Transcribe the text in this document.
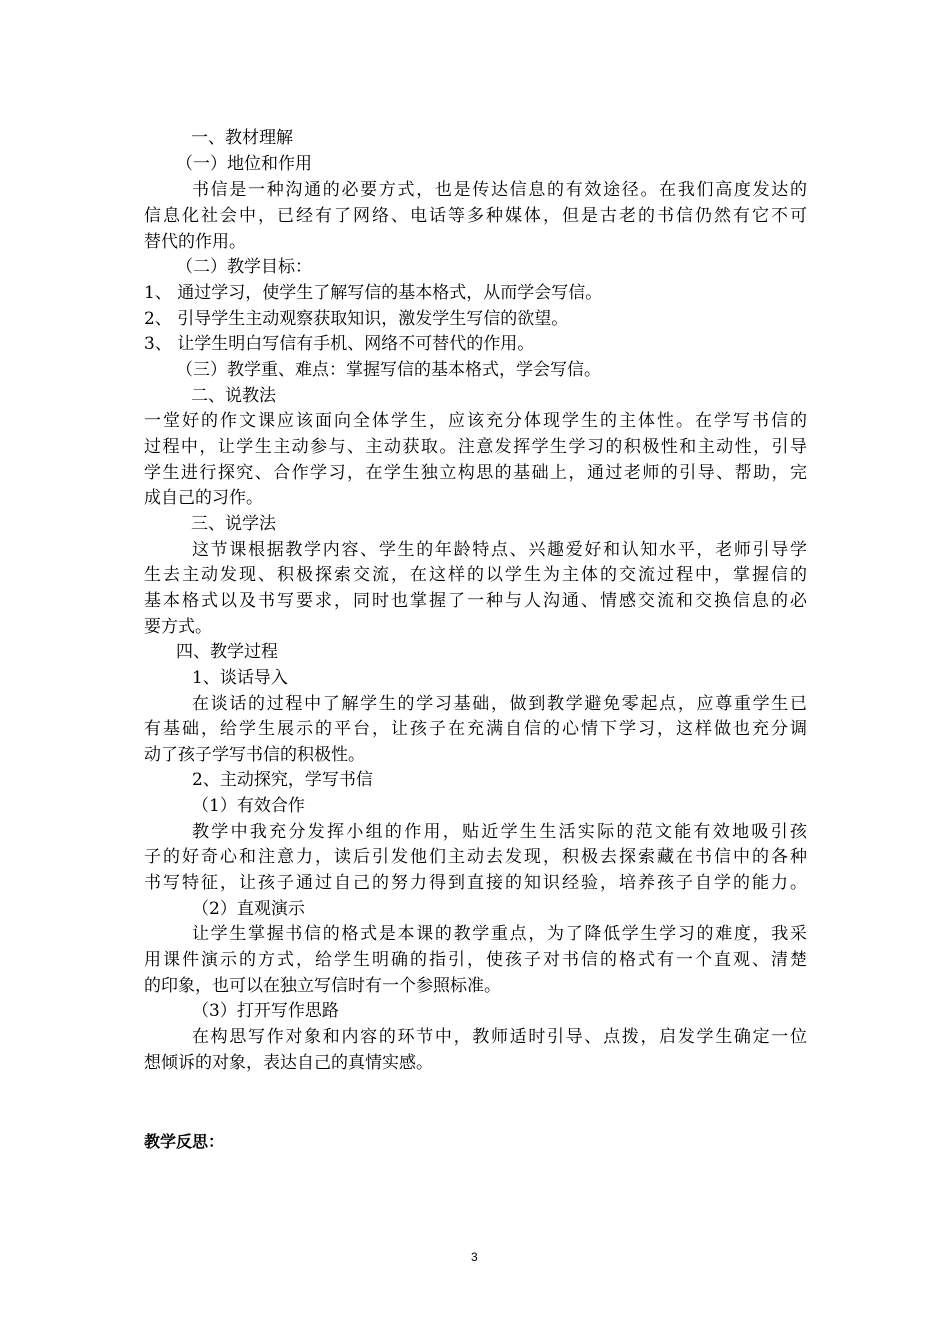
一、教材理解
（一）地位和作用
书信是一种沟通的必要方式，也是传达信息的有效途径。在我们高度发达的
信息化社会中，已经有了网络、电话等多种媒体，但是古老的书信仍然有它不可
替代的作用。
（二）教学目标：
1、 通过学习，使学生了解写信的基本格式，从而学会写信。
2、 引导学生主动观察获取知识，激发学生写信的欲望。
3、 让学生明白写信有手机、网络不可替代的作用。
（三）教学重、难点：掌握写信的基本格式，学会写信。
二、说教法
一堂好的作文课应该面向全体学生，应该充分体现学生的主体性。在学写书信的
过程中，让学生主动参与、主动获取。注意发挥学生学习的积极性和主动性，引导
学生进行探究、合作学习，在学生独立构思的基础上，通过老师的引导、帮助，完
成自己的习作。
三、说学法
这节课根据教学内容、学生的年龄特点、兴趣爱好和认知水平，老师引导学
生去主动发现、积极探索交流，在这样的以学生为主体的交流过程中，掌握信的
基本格式以及书写要求，同时也掌握了一种与人沟通、情感交流和交换信息的必
要方式。
四、教学过程
1、谈话导入
在谈话的过程中了解学生的学习基础，做到教学避免零起点，应尊重学生已
有基础，给学生展示的平台，让孩子在充满自信的心情下学习，这样做也充分调
动了孩子学写书信的积极性。
2、主动探究，学写书信
（1）有效合作
教学中我充分发挥小组的作用，贴近学生生活实际的范文能有效地吸引孩
子的好奇心和注意力，读后引发他们主动去发现，积极去探索藏在书信中的各种
书写特征，让孩子通过自己的努力得到直接的知识经验，培养孩子自学的能力。
（2）直观演示
让学生掌握书信的格式是本课的教学重点，为了降低学生学习的难度，我采
用课件演示的方式，给学生明确的指引，使孩子对书信的格式有一个直观、清楚
的印象，也可以在独立写信时有一个参照标准。
（3）打开写作思路
在构思写作对象和内容的环节中，教师适时引导、点拨，启发学生确定一位
想倾诉的对象，表达自己的真情实感。
教学反思：
3
